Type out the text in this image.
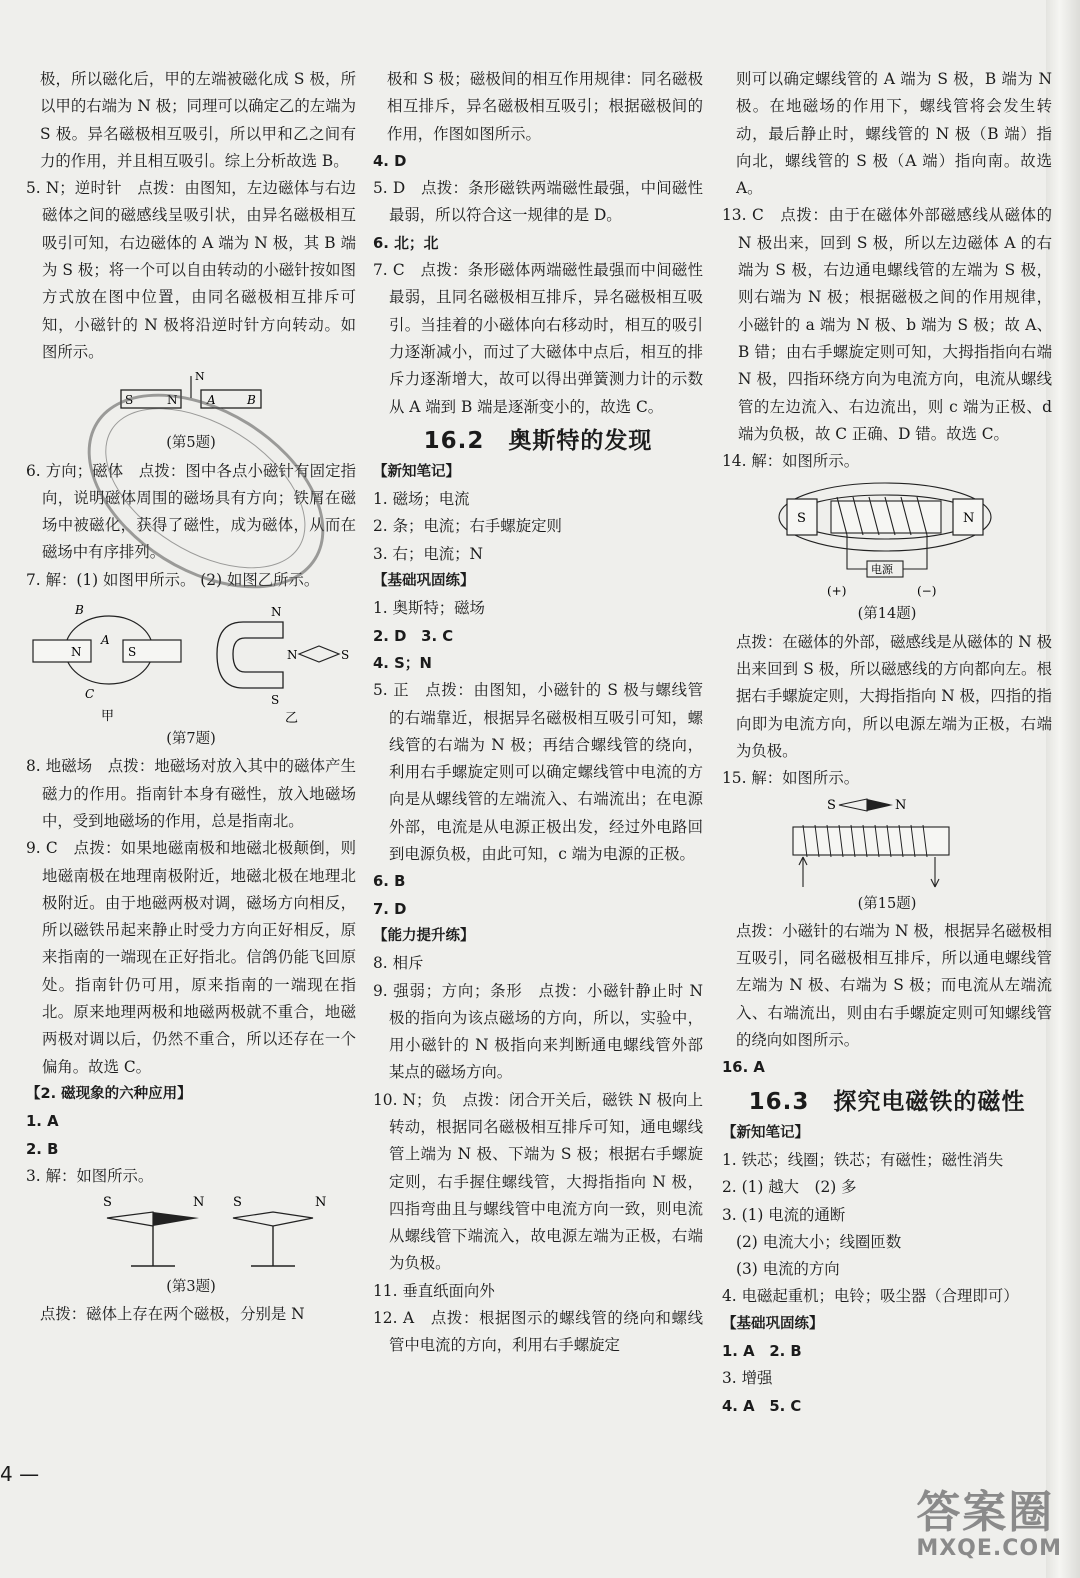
极，所以磁化后，甲的左端被磁化成 S 极，所以甲的右端为 N 极；同理可以确定乙的左端为 S 极。异名磁极相互吸引，所以甲和乙之间有力的作用，并且相互吸引。综上分析故选 B。

5. N；逆时针　点拨：由图知，左边磁体与右边磁体之间的磁感线呈吸引状，由异名磁极相互吸引可知，右边磁体的 A 端为 N 极，其 B 端为 S 极；将一个可以自由转动的小磁针按如图方式放在图中位置，由同名磁极相互排斥可知，小磁针的 N 极将沿逆时针方向转动。如图所示。

S	N A	B
N

(第5题)

6. 方向；磁体　点拨：图中各点小磁针有固定指向，说明磁体周围的磁场具有方向；铁屑在磁场中被磁化，获得了磁性，成为磁体，从而在磁场中有序排列。

7. 解：(1) 如图甲所示。 (2) 如图乙所示。

N	S
A
B
C
甲
N
S
N	S
乙

(第7题)

8. 地磁场　点拨：地磁场对放入其中的磁体产生磁力的作用。指南针本身有磁性，放入地磁场中，受到地磁场的作用，总是指南北。

9. C　点拨：如果地磁南极和地磁北极颠倒，则地磁南极在地理南极附近，地磁北极在地理北极附近。由于地磁两极对调，磁场方向相反，所以磁铁吊起来静止时受力方向正好相反，原来指南的一端现在正好指北。信鸽仍能飞回原处。指南针仍可用，原来指南的一端现在指北。原来地理两极和地磁两极就不重合，地磁两极对调以后，仍然不重合，所以还存在一个偏角。故选 C。

【2. 磁现象的六种应用】

1. A

2. B

3. 解：如图所示。

S	N S	N

(第3题)

点拨：磁体上存在两个磁极，分别是 N

极和 S 极；磁极间的相互作用规律：同名磁极相互排斥，异名磁极相互吸引；根据磁极间的作用，作图如图所示。

4. D

5. D　点拨：条形磁铁两端磁性最强，中间磁性最弱，所以符合这一规律的是 D。

6. 北；北

7. C　点拨：条形磁体两端磁性最强而中间磁性最弱，且同名磁极相互排斥，异名磁极相互吸引。当挂着的小磁体向右移动时，相互的吸引力逐渐减小，而过了大磁体中点后，相互的排斥力逐渐增大，故可以得出弹簧测力计的示数从 A 端到 B 端是逐渐变小的，故选 C。

16.2　奥斯特的发现

【新知笔记】

1. 磁场；电流

2. 条；电流；右手螺旋定则

3. 右；电流；N

【基础巩固练】

1. 奥斯特；磁场

2. D　3. C

4. S；N

5. 正　点拨：由图知，小磁针的 S 极与螺线管的右端靠近，根据异名磁极相互吸引可知，螺线管的右端为 N 极；再结合螺线管的绕向，利用右手螺旋定则可以确定螺线管中电流的方向是从螺线管的左端流入、右端流出；在电源外部，电流是从电源正极出发，经过外电路回到电源负极，由此可知，c 端为电源的正极。

6. B

7. D

【能力提升练】

8. 相斥

9. 强弱；方向；条形　点拨：小磁针静止时 N 极的指向为该点磁场的方向，所以，实验中，用小磁针的 N 极指向来判断通电螺线管外部某点的磁场方向。

10. N；负　点拨：闭合开关后，磁铁 N 极向上转动，根据同名磁极相互排斥可知，通电螺线管上端为 N 极、下端为 S 极；根据右手螺旋定则，右手握住螺线管，大拇指指向 N 极，四指弯曲且与螺线管中电流方向一致，则电流从螺线管下端流入，故电源左端为正极，右端为负极。

11. 垂直纸面向外

12. A　点拨：根据图示的螺线管的绕向和螺线管中电流的方向，利用右手螺旋定

则可以确定螺线管的 A 端为 S 极，B 端为 N 极。在地磁场的作用下，螺线管将会发生转动，最后静止时，螺线管的 N 极（B 端）指向北，螺线管的 S 极（A 端）指向南。故选 A。

13. C　点拨：由于在磁体外部磁感线从磁体的 N 极出来，回到 S 极，所以左边磁体 A 的右端为 S 极，右边通电螺线管的左端为 S 极，则右端为 N 极；根据磁极之间的作用规律，小磁针的 a 端为 N 极、b 端为 S 极；故 A、B 错；由右手螺旋定则可知，大拇指指向右端 N 极，四指环绕方向为电流方向，电流从螺线管的左边流入、右边流出，则 c 端为正极、d 端为负极，故 C 正确、D 错。故选 C。

14. 解：如图所示。

S	N
电源
(+)	(−)

(第14题)

点拨：在磁体的外部，磁感线是从磁体的 N 极出来回到 S 极，所以磁感线的方向都向左。根据右手螺旋定则，大拇指指向 N 极，四指的指向即为电流方向，所以电源左端为正极，右端为负极。

15. 解：如图所示。

S	N

(第15题)

点拨：小磁针的右端为 N 极，根据异名磁极相互吸引，同名磁极相互排斥，所以通电螺线管左端为 N 极、右端为 S 极；而电流从左端流入、右端流出，则由右手螺旋定则可知螺线管的绕向如图所示。

16. A

16.3　探究电磁铁的磁性

【新知笔记】

1. 铁芯；线圈；铁芯；有磁性；磁性消失

2. (1) 越大　(2) 多

3. (1) 电流的通断

(2) 电流大小；线圈匝数

(3) 电流的方向

4. 电磁起重机；电铃；吸尘器（合理即可）

【基础巩固练】

1. A　2. B

3. 增强

4. A　5. C

4 —
答案圈
MXQE.COM
